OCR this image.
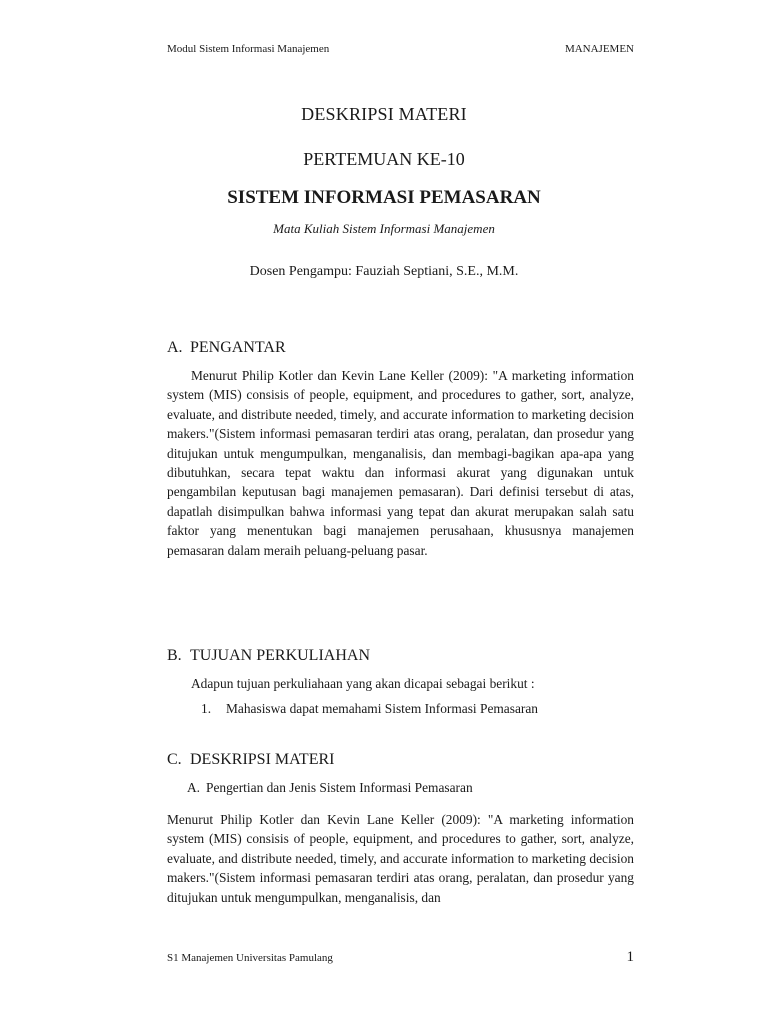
Modul Sistem Informasi Manajemen	MANAJEMEN
DESKRIPSI MATERI
PERTEMUAN KE-10
SISTEM INFORMASI PEMASARAN
Mata Kuliah Sistem Informasi Manajemen
Dosen Pengampu: Fauziah Septiani, S.E., M.M.
A. PENGANTAR

Menurut Philip Kotler dan Kevin Lane Keller (2009): "A marketing information system (MIS) consisis of people, equipment, and procedures to gather, sort, analyze, evaluate, and distribute needed, timely, and accurate information to marketing decision makers."(Sistem informasi pemasaran terdiri atas orang, peralatan, dan prosedur yang ditujukan untuk mengumpulkan, menganalisis, dan membagi-bagikan apa-apa yang dibutuhkan, secara tepat waktu dan informasi akurat yang digunakan untuk pengambilan keputusan bagi manajemen pemasaran). Dari definisi tersebut di atas, dapatlah disimpulkan bahwa informasi yang tepat dan akurat merupakan salah satu faktor yang menentukan bagi manajemen perusahaan, khususnya manajemen pemasaran dalam meraih peluang-peluang pasar.

B. TUJUAN PERKULIAHAN
Adapun tujuan perkuliahaan yang akan dicapai sebagai berikut :
1. Mahasiswa dapat memahami Sistem Informasi Pemasaran
C. DESKRIPSI MATERI
A. Pengertian dan Jenis Sistem Informasi Pemasaran

Menurut Philip Kotler dan Kevin Lane Keller (2009): "A marketing information system (MIS) consisis of people, equipment, and procedures to gather, sort, analyze, evaluate, and distribute needed, timely, and accurate information to marketing decision makers."(Sistem informasi pemasaran terdiri atas orang, peralatan, dan prosedur yang ditujukan untuk mengumpulkan, menganalisis, dan

S1 Manajemen Universitas Pamulang	1
